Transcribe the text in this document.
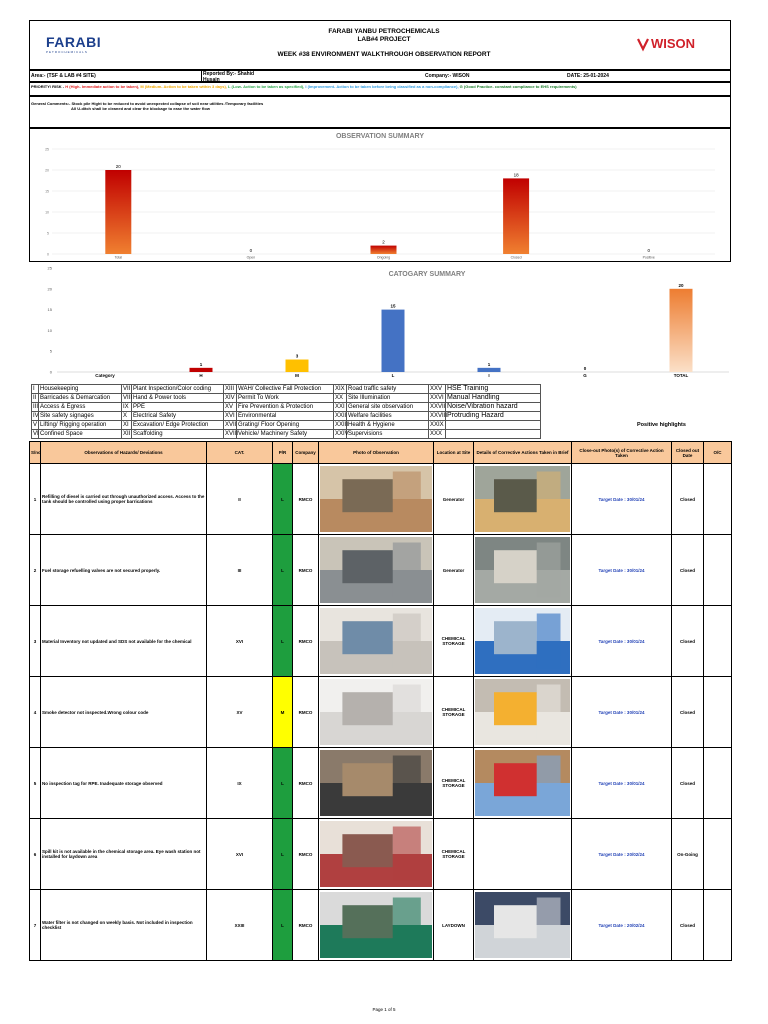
FARABI
PETROCHEMICALS
FARABI YANBU PETROCHEMICALS
LAB#4 PROJECT
WEEK #38 ENVIRONMENT WALKTHROUGH OBSERVATION REPORT
WISON
Area:- (TSF & LAB #4 SITE)	Reported By:- Shahid Husain
Company:- WISON	DATE: 25-01-2024
PRIORITY/ RISK - H (High- Immediate action to be taken), M (Medium- Action to be taken within 3 days), L (Low- Action to be taken as specified), I (Improvement- Action to be taken before being classified as a non-compliance), G (Good Practice- constant compliance to EHS requirements)
General Comments:- Stock pile Hight to be reduced to avoid unexpected collapse of soil near utilities /Temporary facilities
All U-ditch shall be cleaned and clear the blockage to ease the water flow
OBSERVATION SUMMARY
0
5
10
15
20
25
20
Total
0
Open
2
Ongoing
18
Closed
0
Positive
CATOGARY SUMMARY
0
5
10
15
20
25
Category
1
H
3
M
15
L
1
I
0
G
20
TOTAL
I	Housekeeping	VII	Plant Inspection/Color coding	XIII	WAH/ Collective Fall Protection	XIX	Road traffic safety	XXV	HSE Training
II	Barricades & Demarcation	VIII	Hand & Power tools	XIV	Permit To Work	XX	Site Illumination	XXVI	Manual Handling
III	Access & Egress	IX	PPE	XV	Fire Prevention & Protection	XXI	General site observation	XXVII	Noise/Vibration hazard
IV	Site safety signages	X	Electrical Safety	XVI	Environmental	XXII	Welfare facilities	XXVIII	Protruding Hazard
V	Lifting/ Rigging operation	XI	Excavation/ Edge Protection	XVII	Grating/ Floor Opening	XXIII	Health & Hygiene	XXIX	
VI	Confined Space	XII	Scaffolding	XVIII	Vehicle/ Machinery Safety	XXIV	Supervisions	XXX	
Positive highlights
S/no	Observations of Hazards/ Deviations	CAT.	P/R	Company	Photo of Observation	Location at Site	Details of Corrective Actions Taken in Brief	Close-out Photo(s) of Corrective Action Taken	Closed out Date	O/C
1	Refilling of diesel is carried out through unauthorized access. Access to the tank should be controlled using proper barrications	II	L	RMCO		Generator		Target Date : 30/01/24	Closed	
2	Fuel storage refuelling valves are not secured properly.	III	L	RMCO		Generator		Target Date : 30/01/24	Closed	
3	Material Inventory not updated and SDS not available for the chemical	XVI	L	RMCO		CHEMICAL STORAGE		Target Date : 30/01/24	Closed	
4	Smoke detector not inspected.Wrong colour code	XV	M	RMCO		CHEMICAL STORAGE		Target Date : 30/01/24	Closed	
5	No inspection tag for RPE. Inadequate storage observed	IX	L	RMCO		CHEMICAL STORAGE		Target Date : 30/01/24	Closed	
6	Spill kit is not available in the chemical storage area. Eye wash station not installed for laydown area	XVI	L	RMCO		CHEMICAL STORAGE		Target Date : 20/02/24	On-Going	
7	Water filter is not changed on weekly basis. Not included in inspection checklist	XXIII	L	RMCO		LAYDOWN		Target Date : 20/02/24	Closed	
Page 1 of 5
